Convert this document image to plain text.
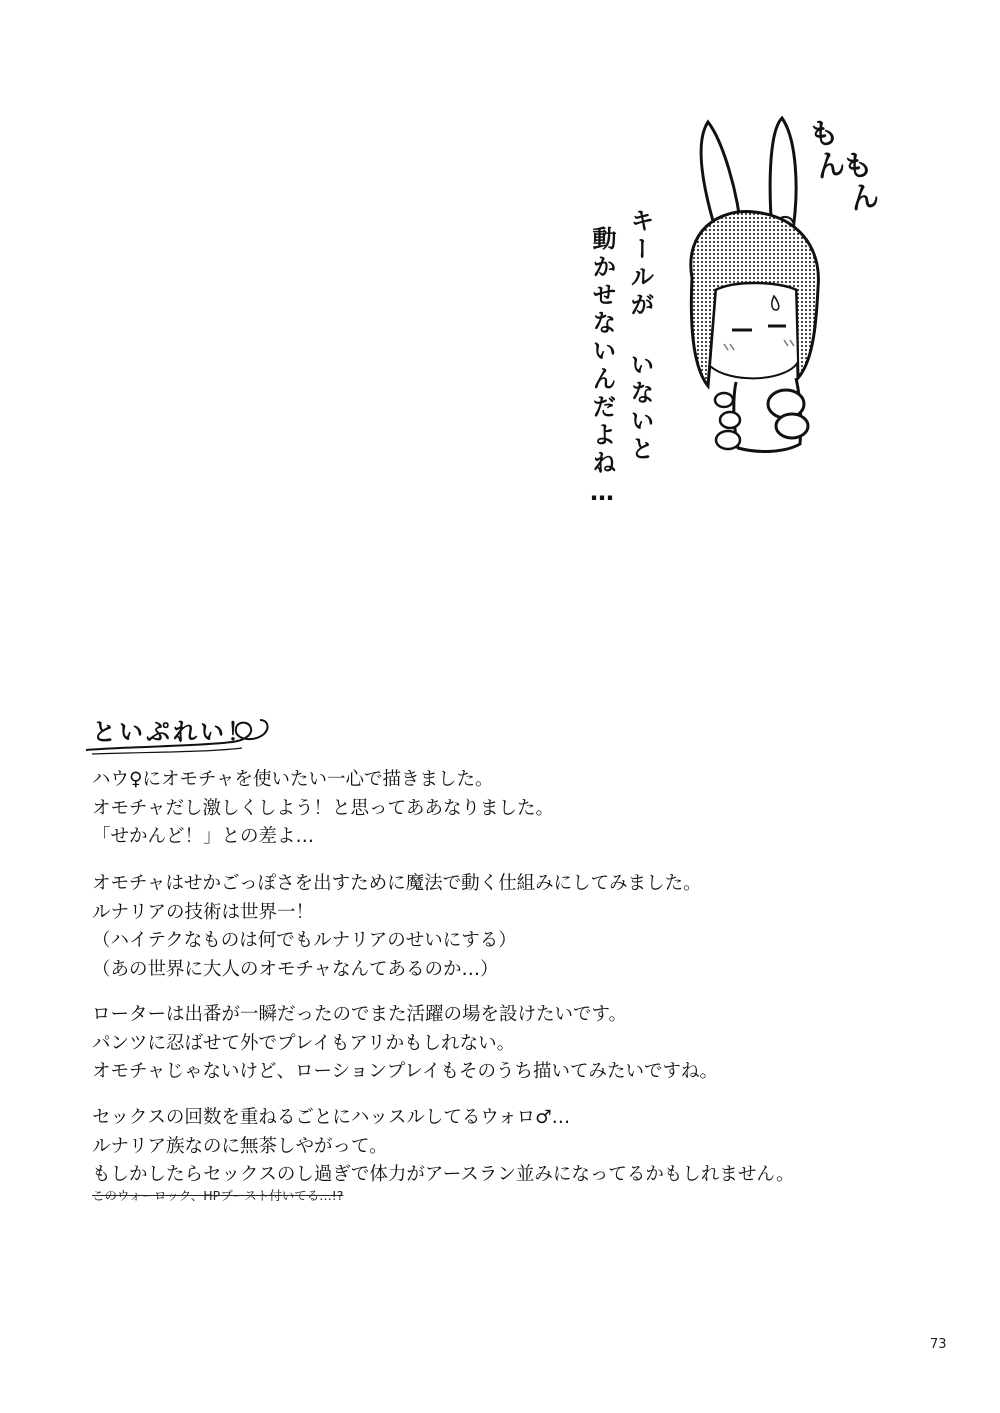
もん
もん
キールが いないと
動かせないんだよね…
といぷれい！
ハウ♀にオモチャを使いたい一心で描きました。
オモチャだし激しくしよう！と思ってああなりました。
「せかんど！」との差よ…
オモチャはせかごっぽさを出すために魔法で動く仕組みにしてみました。
ルナリアの技術は世界一！
（ハイテクなものは何でもルナリアのせいにする）
（あの世界に大人のオモチャなんてあるのか…）
ローターは出番が一瞬だったのでまた活躍の場を設けたいです。
パンツに忍ばせて外でプレイもアリかもしれない。
オモチャじゃないけど、ローションプレイもそのうち描いてみたいですね。
セックスの回数を重ねるごとにハッスルしてるウォロ♂…
ルナリア族なのに無茶しやがって。
もしかしたらセックスのし過ぎで体力がアースラン並みになってるかもしれません。
このウォーロック、HPブースト付いてる…!?
73
